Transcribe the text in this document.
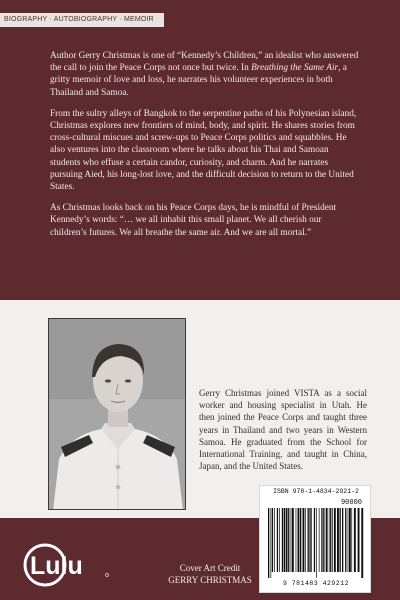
BIOGRAPHY · AUTOBIOGRAPHY · MEMOIR

Author Gerry Christmas is one of “Kennedy’s Children,” an idealist who answered the call to join the Peace Corps not once but twice. In Breathing the Same Air, a gritty memoir of love and loss, he narrates his volunteer experiences in both Thailand and Samoa.

From the sultry alleys of Bangkok to the serpentine paths of his Polynesian island, Christmas explores new frontiers of mind, body, and spirit. He shares stories from cross-cultural miscues and screw-ups to Peace Corps politics and squabbles. He also ventures into the classroom where he talks about his Thai and Samoan students who effuse a certain candor, curiosity, and charm. And he narrates pursuing Aied, his long-lost love, and the difficult decision to return to the United States.

As Christmas looks back on his Peace Corps days, he is mindful of President Kennedy’s words: “… we all inhabit this small planet. We all cherish our children’s futures. We all breathe the same air. And we are all mortal.”

Gerry Christmas joined VISTA as a social worker and housing specialist in Utah. He then joined the Peace Corps and taught three years in Thailand and two years in Western Samoa. He graduated from the School for International Training, and taught in China, Japan, and the United States.

ISBN 978-1-4834-2921-2
90000
9 781483 429212
Lulu	Cover Art Credit
GERRY CHRISTMAS
